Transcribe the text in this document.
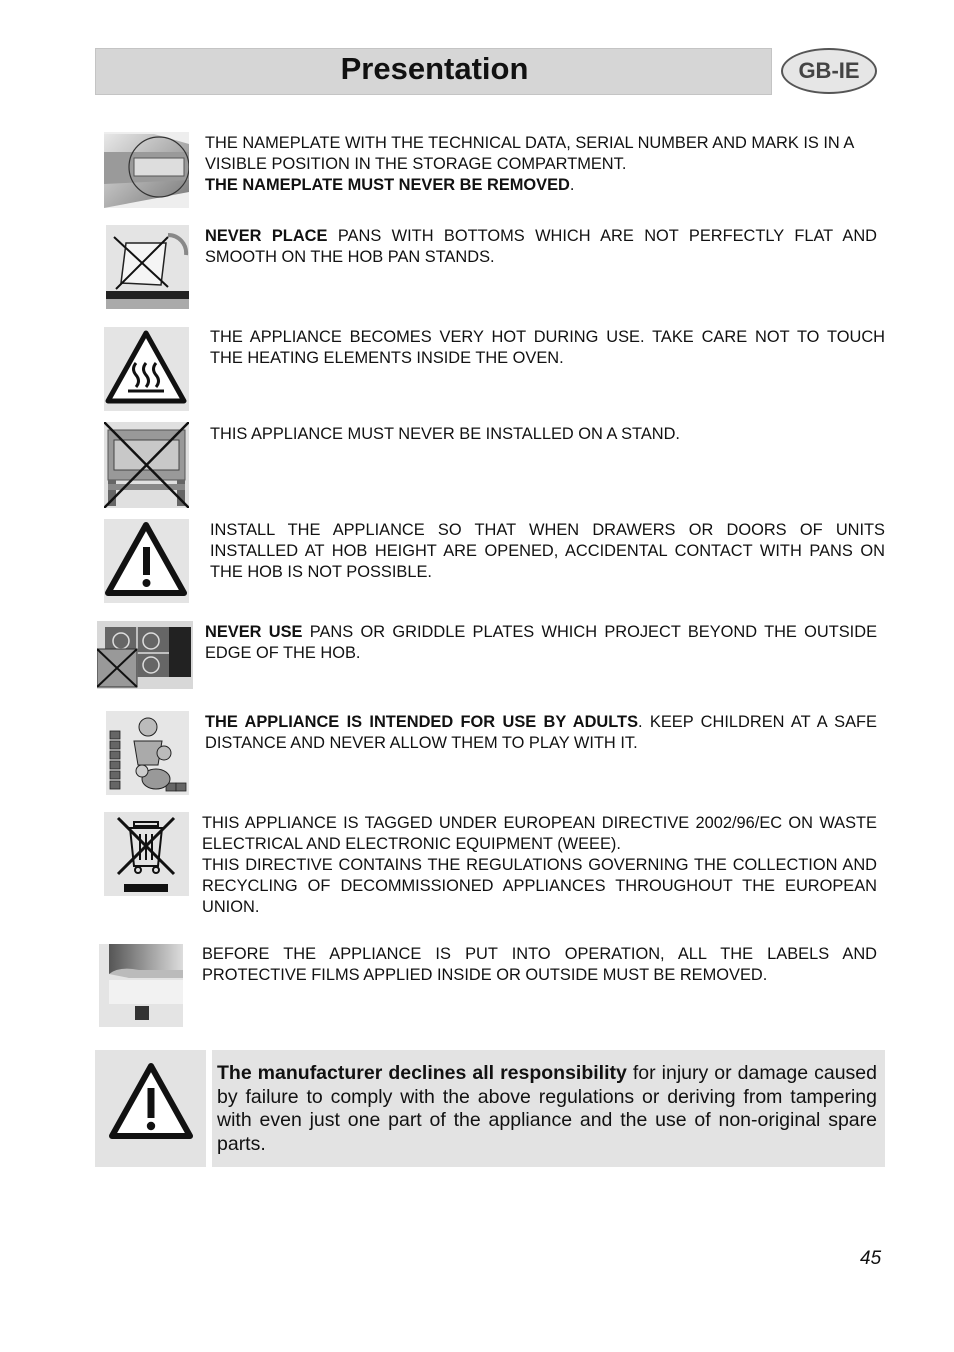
Presentation	GB-IE
THE NAMEPLATE WITH THE TECHNICAL DATA, SERIAL NUMBER AND MARK IS IN A VISIBLE POSITION IN THE STORAGE COMPARTMENT.
THE NAMEPLATE MUST NEVER BE REMOVED.
NEVER PLACE PANS WITH BOTTOMS WHICH ARE NOT PERFECTLY FLAT AND SMOOTH ON THE HOB PAN STANDS.
THE APPLIANCE BECOMES VERY HOT DURING USE. TAKE CARE NOT TO TOUCH THE HEATING ELEMENTS INSIDE THE OVEN.
THIS APPLIANCE MUST NEVER BE INSTALLED ON A STAND.
INSTALL THE APPLIANCE SO THAT WHEN DRAWERS OR DOORS OF UNITS INSTALLED AT HOB HEIGHT ARE OPENED, ACCIDENTAL CONTACT WITH PANS ON THE HOB IS NOT POSSIBLE.
NEVER USE PANS OR GRIDDLE PLATES WHICH PROJECT BEYOND THE OUTSIDE EDGE OF THE HOB.
THE APPLIANCE IS INTENDED FOR USE BY ADULTS. KEEP CHILDREN AT A SAFE DISTANCE AND NEVER ALLOW THEM TO PLAY WITH IT.
THIS APPLIANCE IS TAGGED UNDER EUROPEAN DIRECTIVE 2002/96/EC ON WASTE ELECTRICAL AND ELECTRONIC EQUIPMENT (WEEE).
THIS DIRECTIVE CONTAINS THE REGULATIONS GOVERNING THE COLLECTION AND RECYCLING OF DECOMMISSIONED APPLIANCES THROUGHOUT THE EUROPEAN UNION.
BEFORE THE APPLIANCE IS PUT INTO OPERATION, ALL THE LABELS AND PROTECTIVE FILMS APPLIED INSIDE OR OUTSIDE MUST BE REMOVED.
The manufacturer declines all responsibility for injury or damage caused by failure to comply with the above regulations or deriving from tampering with even just one part of the appliance and the use of non-original spare parts.
45
